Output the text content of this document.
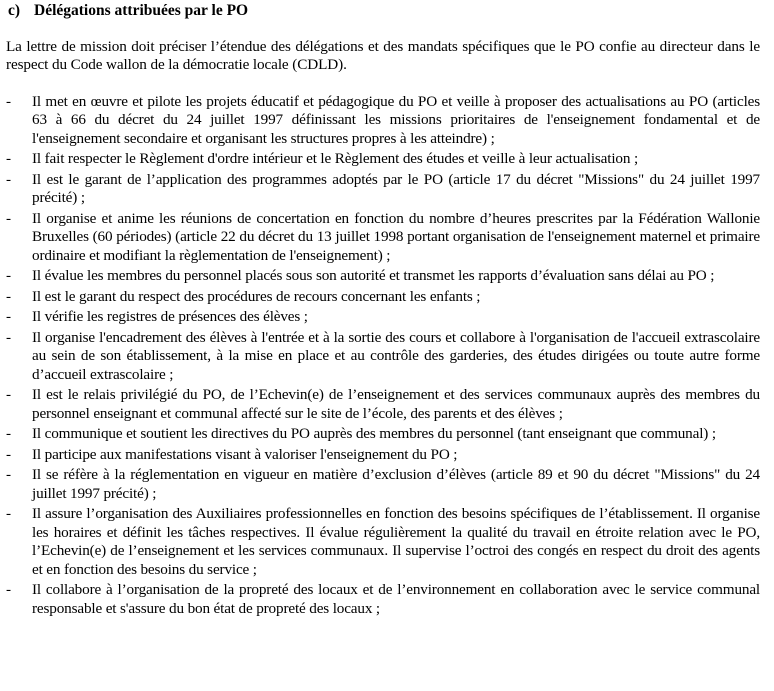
c) Délégations attribuées par le PO

La lettre de mission doit préciser l’étendue des délégations et des mandats spécifiques que le PO confie au directeur dans le respect du Code wallon de la démocratie locale (CDLD).

-	Il met en œuvre et pilote les projets éducatif et pédagogique du PO et veille à proposer des actualisations au PO (articles 63 à 66 du décret du 24 juillet 1997 définissant les missions prioritaires de l'enseignement fondamental et de l'enseignement secondaire et organisant les structures propres à les atteindre) ;
-	Il fait respecter le Règlement d'ordre intérieur et le Règlement des études et veille à leur actualisation ;
-	Il est le garant de l’application des programmes adoptés par le PO (article 17 du décret "Missions" du 24 juillet 1997 précité) ;
-	Il organise et anime les réunions de concertation en fonction du nombre d’heures prescrites par la Fédération Wallonie Bruxelles (60 périodes) (article 22 du décret du 13 juillet 1998 portant organisation de l'enseignement maternel et primaire ordinaire et modifiant la règlementation de l'enseignement) ;
-	Il évalue les membres du personnel placés sous son autorité et transmet les rapports d’évaluation sans délai au PO ;
-	Il est le garant du respect des procédures de recours concernant les enfants ;
-	Il vérifie les registres de présences des élèves ;
-	Il organise l'encadrement des élèves à l'entrée et à la sortie des cours et collabore à l'organisation de l'accueil extrascolaire au sein de son établissement, à la mise en place et au contrôle des garderies, des études dirigées ou toute autre forme d’accueil extrascolaire ;
-	Il est le relais privilégié du PO, de l’Echevin(e) de l’enseignement et des services communaux auprès des membres du personnel enseignant et communal affecté sur le site de l’école, des parents et des élèves ;
-	Il communique et soutient les directives du PO auprès des membres du personnel (tant enseignant que communal) ;
-	Il participe aux manifestations visant à valoriser l'enseignement du PO ;
-	Il se réfère à la réglementation en vigueur en matière d’exclusion d’élèves (article 89 et 90 du décret "Missions" du 24 juillet 1997 précité) ;
-	Il assure l’organisation des Auxiliaires professionnelles en fonction des besoins spécifiques de l’établissement. Il organise les horaires et définit les tâches respectives. Il évalue régulièrement la qualité du travail en étroite relation avec le PO, l’Echevin(e) de l’enseignement et les services communaux. Il supervise l’octroi des congés en respect du droit des agents et en fonction des besoins du service ;
-	Il collabore à l’organisation de la propreté des locaux et de l’environnement en collaboration avec le service communal responsable et s'assure du bon état de propreté des locaux ;
